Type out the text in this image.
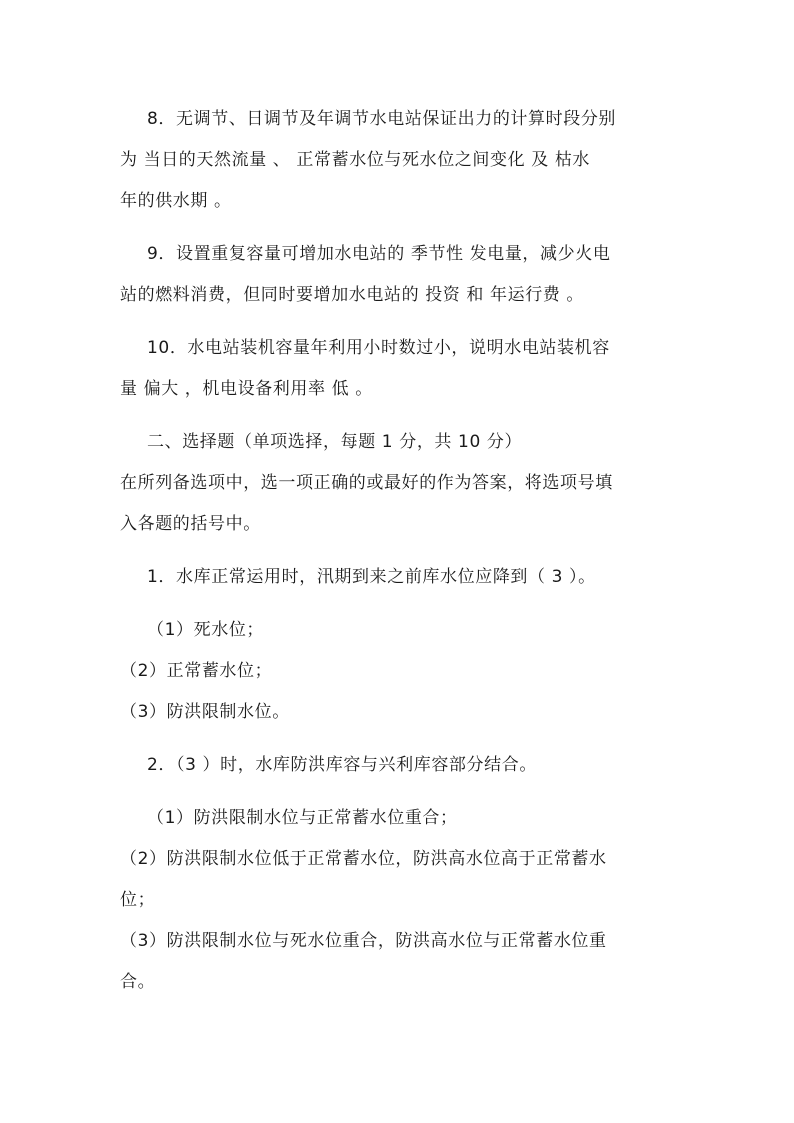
8．无调节、日调节及年调节水电站保证出力的计算时段分别
为 当日的天然流量 、 正常蓄水位与死水位之间变化 及 枯水
年的供水期 。
9．设置重复容量可增加水电站的 季节性 发电量，减少火电
站的燃料消费，但同时要增加水电站的 投资 和 年运行费 。
10．水电站装机容量年利用小时数过小，说明水电站装机容
量 偏大 ，机电设备利用率 低 。
二、选择题（单项选择，每题 1 分，共 10 分）
在所列备选项中，选一项正确的或最好的作为答案，将选项号填
入各题的括号中。
1．水库正常运用时，汛期到来之前库水位应降到（ 3 ）。
（1）死水位；
（2）正常蓄水位；
（3）防洪限制水位。
2．（3 ）时，水库防洪库容与兴利库容部分结合。
（1）防洪限制水位与正常蓄水位重合；
（2）防洪限制水位低于正常蓄水位，防洪高水位高于正常蓄水
位；
（3）防洪限制水位与死水位重合，防洪高水位与正常蓄水位重
合。
